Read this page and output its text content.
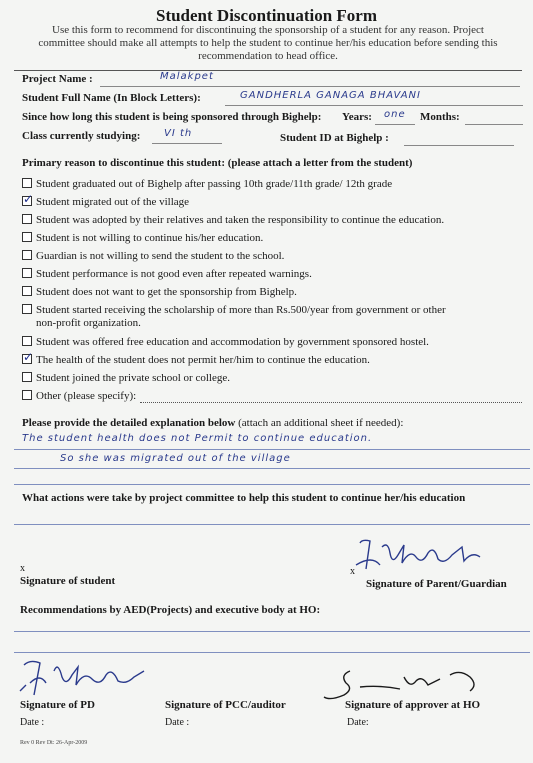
Student Discontinuation Form
Use this form to recommend for discontinuing the sponsorship of a student for any reason. Project committee should make all attempts to help the student to continue her/his education before sending this recommendation to head office.
Project Name :	Malakpet
Student Full Name (In Block Letters):	GANDHERLA GANAGA BHAVANI
Since how long this student is being sponsored through Bighelp: Years: one Months:
Class currently studying: VI th	Student ID at Bighelp :
Primary reason to discontinue this student: (please attach a letter from the student)
Student graduated out of Bighelp after passing 10th grade/11th grade/ 12th grade
✓ Student migrated out of the village
Student was adopted by their relatives and taken the responsibility to continue the education.
Student is not willing to continue his/her education.
Guardian is not willing to send the student to the school.
Student performance is not good even after repeated warnings.
Student does not want to get the sponsorship from Bighelp.
Student started receiving the scholarship of more than Rs.500/year from government or other
non-profit organization.
Student was offered free education and accommodation by government sponsored hostel.
✓ The health of the student does not permit her/him to continue the education.
Student joined the private school or college.
Other (please specify):
Please provide the detailed explanation below (attach an additional sheet if needed):
The student health does not Permit to continue education.
So she was migrated out of the village
What actions were take by project committee to help this student to continue her/his education
x
Signature of student
x
Signature of Parent/Guardian
Recommendations by AED(Projects) and executive body at HO:
Signature of PD
Date :
Signature of PCC/auditor
Date :
Signature of approver at HO
Date:
Rev 0 Rev Dt: 26-Apr-2009
